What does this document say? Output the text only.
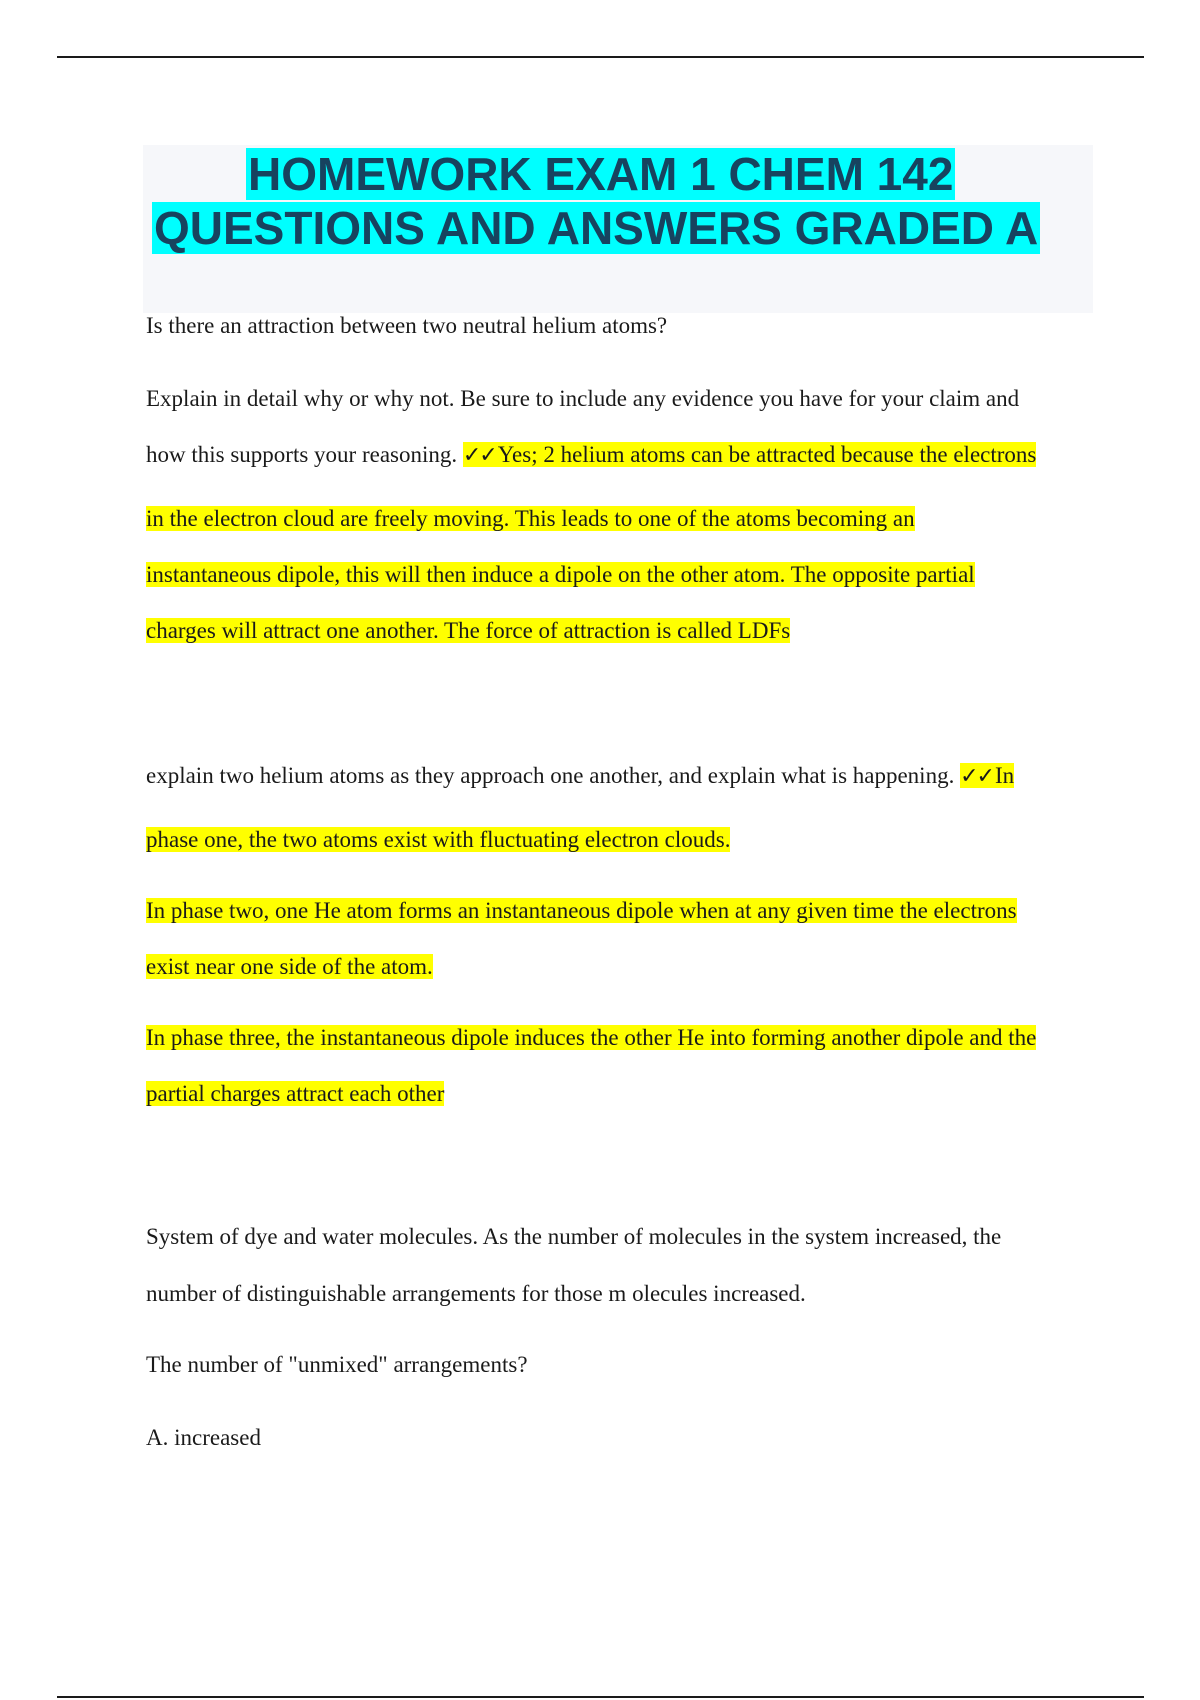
HOMEWORK EXAM 1 CHEM 142
QUESTIONS AND ANSWERS GRADED A
Is there an attraction between two neutral helium atoms?
Explain in detail why or why not. Be sure to include any evidence you have for your claim and
how this supports your reasoning. ✓✓Yes; 2 helium atoms can be attracted because the electrons
in the electron cloud are freely moving. This leads to one of the atoms becoming an
instantaneous dipole, this will then induce a dipole on the other atom. The opposite partial
charges will attract one another. The force of attraction is called LDFs
explain two helium atoms as they approach one another, and explain what is happening. ✓✓In
phase one, the two atoms exist with fluctuating electron clouds.
In phase two, one He atom forms an instantaneous dipole when at any given time the electrons
exist near one side of the atom.
In phase three, the instantaneous dipole induces the other He into forming another dipole and the
partial charges attract each other
System of dye and water molecules. As the number of molecules in the system increased, the
number of distinguishable arrangements for those m olecules increased.
The number of "unmixed" arrangements?
A. increased
